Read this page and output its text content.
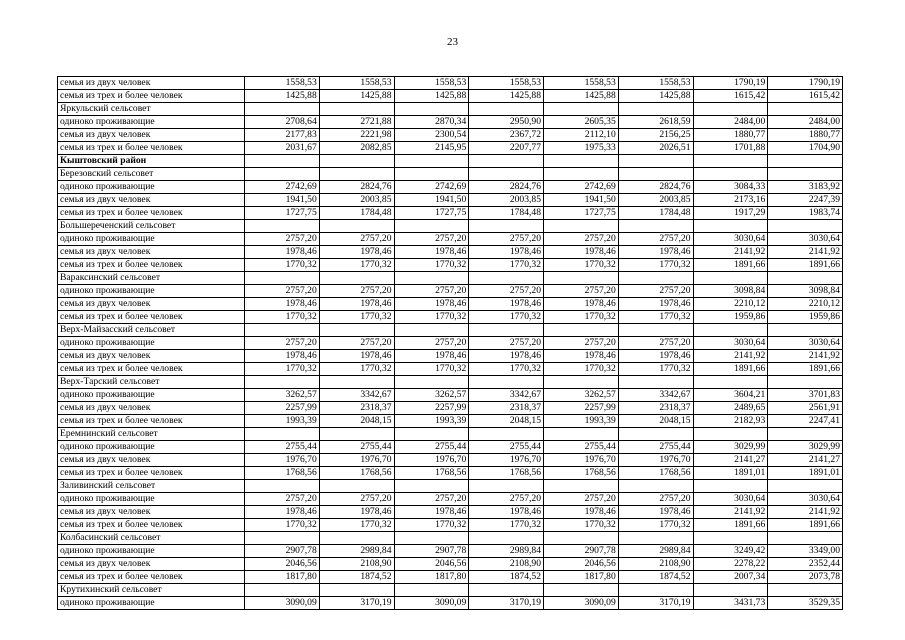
23
семья из двух человек	1558,53	1558,53	1558,53	1558,53	1558,53	1558,53	1790,19	1790,19
семья из трех и более человек	1425,88	1425,88	1425,88	1425,88	1425,88	1425,88	1615,42	1615,42
Яркульский сельсовет								
одиноко проживающие	2708,64	2721,88	2870,34	2950,90	2605,35	2618,59	2484,00	2484,00
семья из двух человек	2177,83	2221,98	2300,54	2367,72	2112,10	2156,25	1880,77	1880,77
семья из трех и более человек	2031,67	2082,85	2145,95	2207,77	1975,33	2026,51	1701,88	1704,90
Кыштовский район								
Березовский сельсовет								
одиноко проживающие	2742,69	2824,76	2742,69	2824,76	2742,69	2824,76	3084,33	3183,92
семья из двух человек	1941,50	2003,85	1941,50	2003,85	1941,50	2003,85	2173,16	2247,39
семья из трех и более человек	1727,75	1784,48	1727,75	1784,48	1727,75	1784,48	1917,29	1983,74
Большереченский сельсовет								
одиноко проживающие	2757,20	2757,20	2757,20	2757,20	2757,20	2757,20	3030,64	3030,64
семья из двух человек	1978,46	1978,46	1978,46	1978,46	1978,46	1978,46	2141,92	2141,92
семья из трех и более человек	1770,32	1770,32	1770,32	1770,32	1770,32	1770,32	1891,66	1891,66
Вараксинский сельсовет								
одиноко проживающие	2757,20	2757,20	2757,20	2757,20	2757,20	2757,20	3098,84	3098,84
семья из двух человек	1978,46	1978,46	1978,46	1978,46	1978,46	1978,46	2210,12	2210,12
семья из трех и более человек	1770,32	1770,32	1770,32	1770,32	1770,32	1770,32	1959,86	1959,86
Верх-Майзасский сельсовет								
одиноко проживающие	2757,20	2757,20	2757,20	2757,20	2757,20	2757,20	3030,64	3030,64
семья из двух человек	1978,46	1978,46	1978,46	1978,46	1978,46	1978,46	2141,92	2141,92
семья из трех и более человек	1770,32	1770,32	1770,32	1770,32	1770,32	1770,32	1891,66	1891,66
Верх-Тарский сельсовет								
одиноко проживающие	3262,57	3342,67	3262,57	3342,67	3262,57	3342,67	3604,21	3701,83
семья из двух человек	2257,99	2318,37	2257,99	2318,37	2257,99	2318,37	2489,65	2561,91
семья из трех и более человек	1993,39	2048,15	1993,39	2048,15	1993,39	2048,15	2182,93	2247,41
Еремнинский сельсовет								
одиноко проживающие	2755,44	2755,44	2755,44	2755,44	2755,44	2755,44	3029,99	3029,99
семья из двух человек	1976,70	1976,70	1976,70	1976,70	1976,70	1976,70	2141,27	2141,27
семья из трех и более человек	1768,56	1768,56	1768,56	1768,56	1768,56	1768,56	1891,01	1891,01
Заливинский сельсовет								
одиноко проживающие	2757,20	2757,20	2757,20	2757,20	2757,20	2757,20	3030,64	3030,64
семья из двух человек	1978,46	1978,46	1978,46	1978,46	1978,46	1978,46	2141,92	2141,92
семья из трех и более человек	1770,32	1770,32	1770,32	1770,32	1770,32	1770,32	1891,66	1891,66
Колбасинский сельсовет								
одиноко проживающие	2907,78	2989,84	2907,78	2989,84	2907,78	2989,84	3249,42	3349,00
семья из двух человек	2046,56	2108,90	2046,56	2108,90	2046,56	2108,90	2278,22	2352,44
семья из трех и более человек	1817,80	1874,52	1817,80	1874,52	1817,80	1874,52	2007,34	2073,78
Крутихинский сельсовет								
одиноко проживающие	3090,09	3170,19	3090,09	3170,19	3090,09	3170,19	3431,73	3529,35
